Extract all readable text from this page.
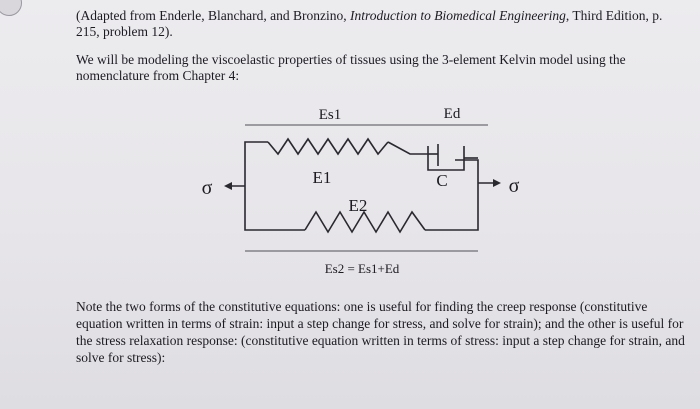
(Adapted from Enderle, Blanchard, and Bronzino, Introduction to Biomedical Engineering, Third Edition, p. 215, problem 12).
We will be modeling the viscoelastic properties of tissues using the 3-element Kelvin model using the nomenclature from Chapter 4:
Es1	Ed
σ	σ
E1	C
E2
Es2 = Es1+Ed
Note the two forms of the constitutive equations: one is useful for finding the creep response (constitutive equation written in terms of strain: input a step change for stress, and solve for strain); and the other is useful for the stress relaxation response: (constitutive equation written in terms of stress: input a step change for strain, and solve for stress):
